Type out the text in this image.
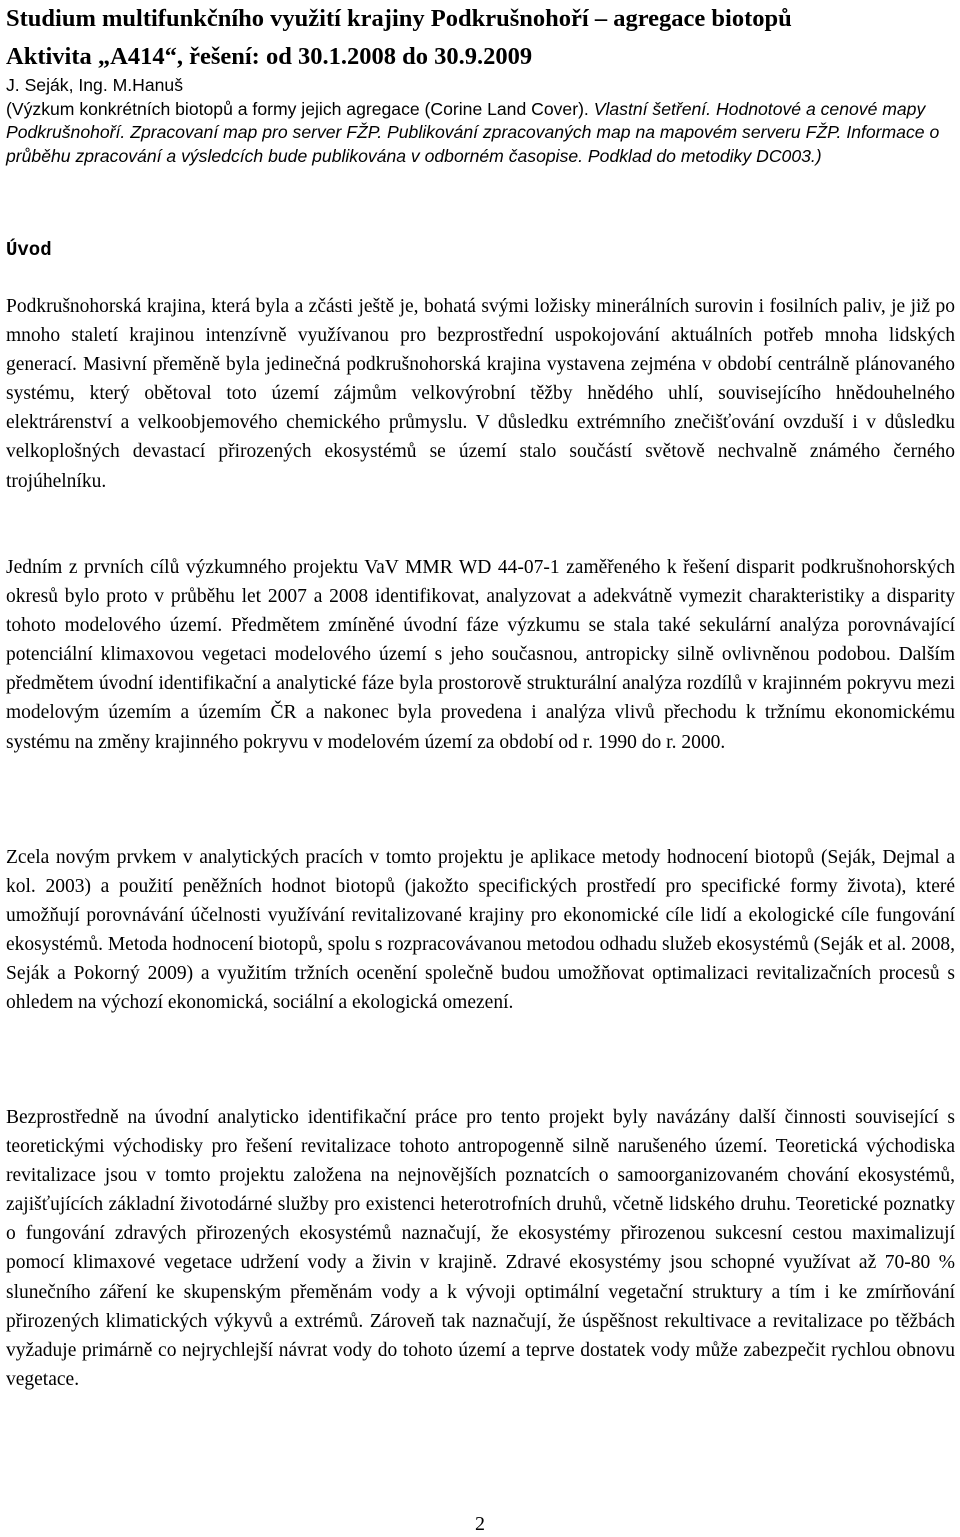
Studium multifunkčního využití krajiny Podkrušnohoří – agregace biotopů
Aktivita „A414“, řešení: od 30.1.2008 do 30.9.2009

J. Seják, Ing. M.Hanuš
(Výzkum konkrétních biotopů a formy jejich agregace (Corine Land Cover). Vlastní šetření. Hodnotové a cenové mapy Podkrušnohoří. Zpracovaní map pro server FŽP. Publikování zpracovaných map na mapovém serveru FŽP. Informace o průběhu zpracování a výsledcích bude publikována v odborném časopise. Podklad do metodiky DC003.)

Úvod

Podkrušnohorská krajina, která byla a zčásti ještě je, bohatá svými ložisky minerálních surovin i fosilních paliv, je již po mnoho staletí krajinou intenzívně využívanou pro bezprostřední uspokojování aktuálních potřeb mnoha lidských generací. Masivní přeměně byla jedinečná podkrušnohorská krajina vystavena zejména v období centrálně plánovaného systému, který obětoval toto území zájmům velkovýrobní těžby hnědého uhlí, souvisejícího hnědouhelného elektrárenství a velkoobjemového chemického průmyslu. V důsledku extrémního znečišťování ovzduší i v důsledku velkoplošných devastací přirozených ekosystémů se území stalo součástí světově nechvalně známého černého trojúhelníku.

Jedním z prvních cílů výzkumného projektu VaV MMR WD 44-07-1 zaměřeného k řešení disparit podkrušnohorských okresů bylo proto v průběhu let 2007 a 2008 identifikovat, analyzovat a adekvátně vymezit charakteristiky a disparity tohoto modelového území. Předmětem zmíněné úvodní fáze výzkumu se stala také sekulární analýza porovnávající potenciální klimaxovou vegetaci modelového území s jeho současnou, antropicky silně ovlivněnou podobou. Dalším předmětem úvodní identifikační a analytické fáze byla prostorově strukturální analýza rozdílů v krajinném pokryvu mezi modelovým územím a územím ČR a nakonec byla provedena i analýza vlivů přechodu k tržnímu ekonomickému systému na změny krajinného pokryvu v modelovém území za období od r. 1990 do r. 2000.

Zcela novým prvkem v analytických pracích v tomto projektu je aplikace metody hodnocení biotopů (Seják, Dejmal a kol. 2003) a použití peněžních hodnot biotopů (jakožto specifických prostředí pro specifické formy života), které umožňují porovnávání účelnosti využívání revitalizované krajiny pro ekonomické cíle lidí a ekologické cíle fungování ekosystémů. Metoda hodnocení biotopů, spolu s rozpracovávanou metodou odhadu služeb ekosystémů (Seják et al. 2008, Seják a Pokorný 2009) a využitím tržních ocenění společně budou umožňovat optimalizaci revitalizačních procesů s ohledem na výchozí ekonomická, sociální a ekologická omezení.

Bezprostředně na úvodní analyticko identifikační práce pro tento projekt byly navázány další činnosti související s teoretickými východisky pro řešení revitalizace tohoto antropogenně silně narušeného území. Teoretická východiska revitalizace jsou v tomto projektu založena na nejnovějších poznatcích o samoorganizovaném chování ekosystémů, zajišťujících základní životodárné služby pro existenci heterotrofních druhů, včetně lidského druhu. Teoretické poznatky o fungování zdravých přirozených ekosystémů naznačují, že ekosystémy přirozenou sukcesní cestou maximalizují pomocí klimaxové vegetace udržení vody a živin v krajině. Zdravé ekosystémy jsou schopné využívat až 70-80 % slunečního záření ke skupenským přeměnám vody a k vývoji optimální vegetační struktury a tím i ke zmírňování přirozených klimatických výkyvů a extrémů. Zároveň tak naznačují, že úspěšnost rekultivace a revitalizace po těžbách vyžaduje primárně co nejrychlejší návrat vody do tohoto území a teprve dostatek vody může zabezpečit rychlou obnovu vegetace.

2
